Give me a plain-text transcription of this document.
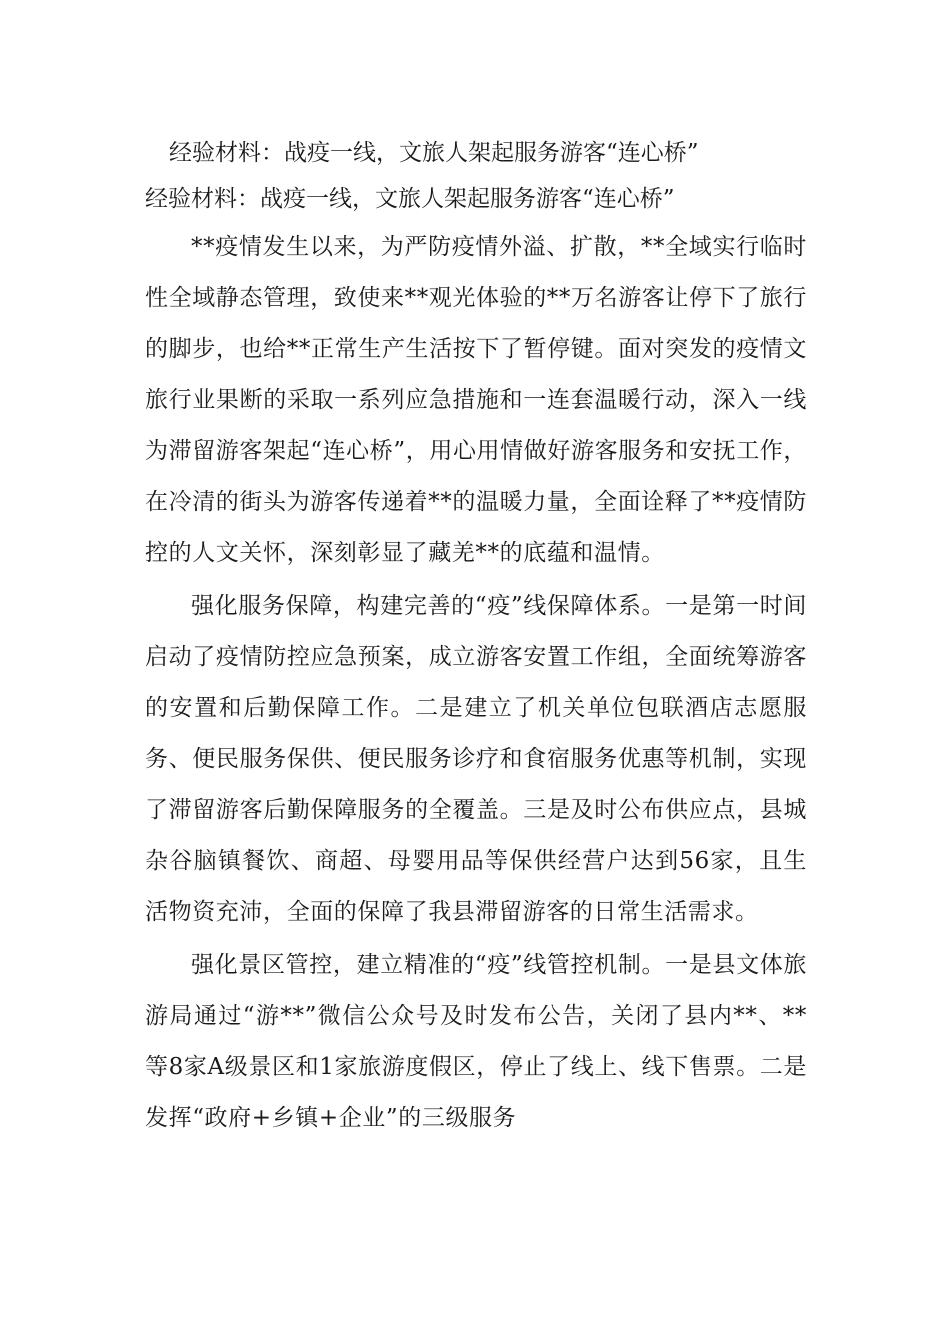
经验材料：战疫一线，文旅人架起服务游客“连心桥”
经验材料：战疫一线，文旅人架起服务游客“连心桥”

**疫情发生以来，为严防疫情外溢、扩散，**全域实行临时性全域静态管理，致使来**观光体验的**万名游客让停下了旅行的脚步，也给**正常生产生活按下了暂停键。面对突发的疫情文旅行业果断的采取一系列应急措施和一连套温暖行动，深入一线为滞留游客架起“连心桥”，用心用情做好游客服务和安抚工作，在冷清的街头为游客传递着**的温暖力量，全面诠释了**疫情防控的人文关怀，深刻彰显了藏羌**的底蕴和温情。

强化服务保障，构建完善的“疫”线保障体系。一是第一时间启动了疫情防控应急预案，成立游客安置工作组，全面统筹游客的安置和后勤保障工作。二是建立了机关单位包联酒店志愿服务、便民服务保供、便民服务诊疗和食宿服务优惠等机制，实现了滞留游客后勤保障服务的全覆盖。三是及时公布供应点，县城杂谷脑镇餐饮、商超、母婴用品等保供经营户达到56家，且生活物资充沛，全面的保障了我县滞留游客的日常生活需求。

强化景区管控，建立精准的“疫”线管控机制。一是县文体旅游局通过“游**”微信公众号及时发布公告，关闭了县内**、**等8家A级景区和1家旅游度假区，停止了线上、线下售票。二是发挥“政府+乡镇+企业”的三级服务
